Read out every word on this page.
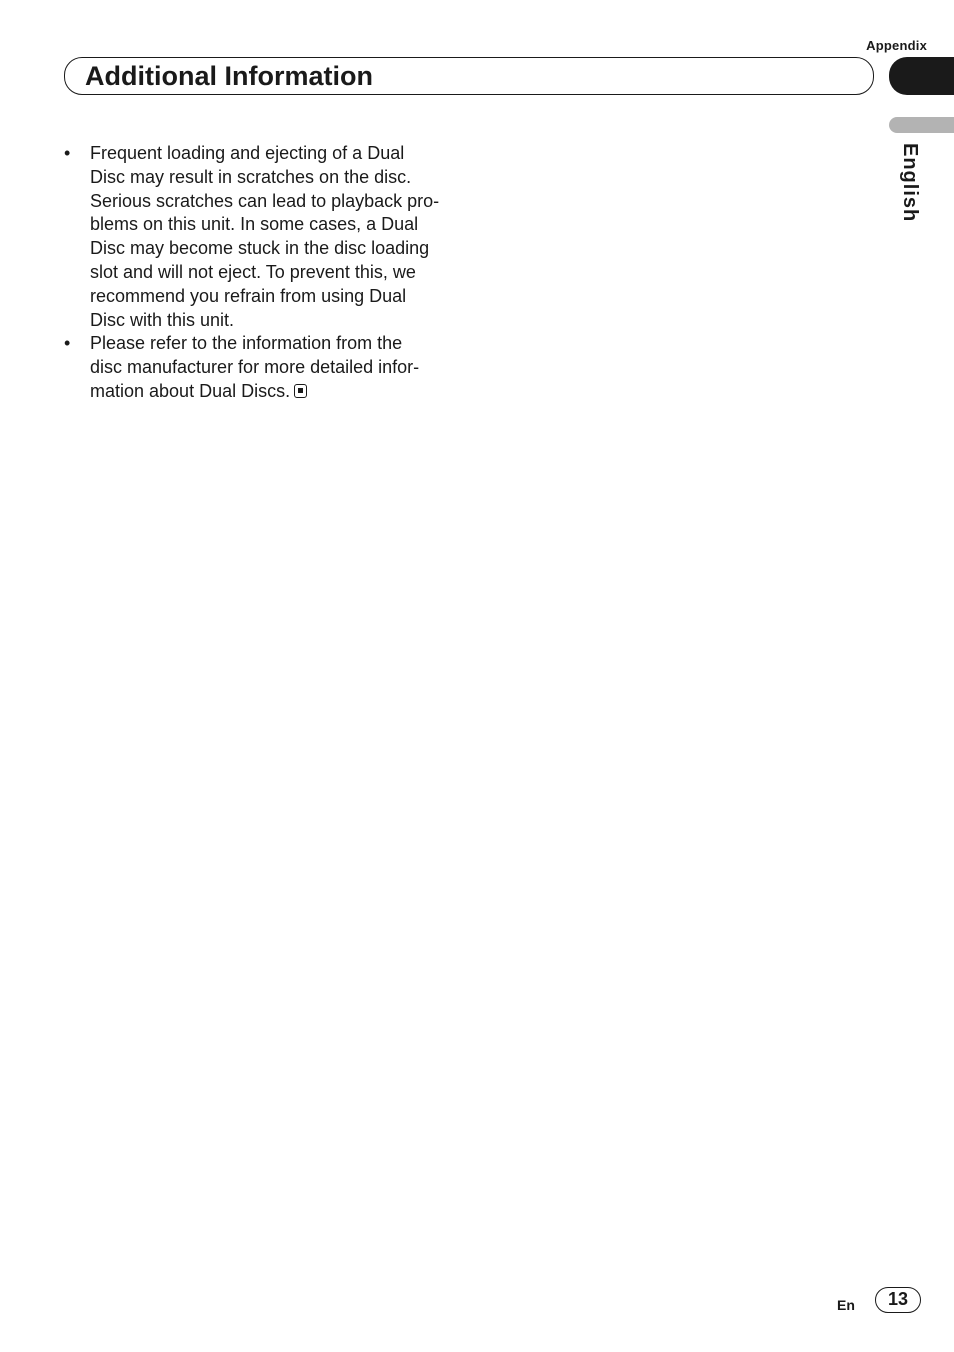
Appendix
Additional Information
English
•	Frequent loading and ejecting of a Dual
Disc may result in scratches on the disc.
Serious scratches can lead to playback pro-
blems on this unit. In some cases, a Dual
Disc may become stuck in the disc loading
slot and will not eject. To prevent this, we
recommend you refrain from using Dual
Disc with this unit.
•	Please refer to the information from the
disc manufacturer for more detailed infor-
mation about Dual Discs.
En	13
